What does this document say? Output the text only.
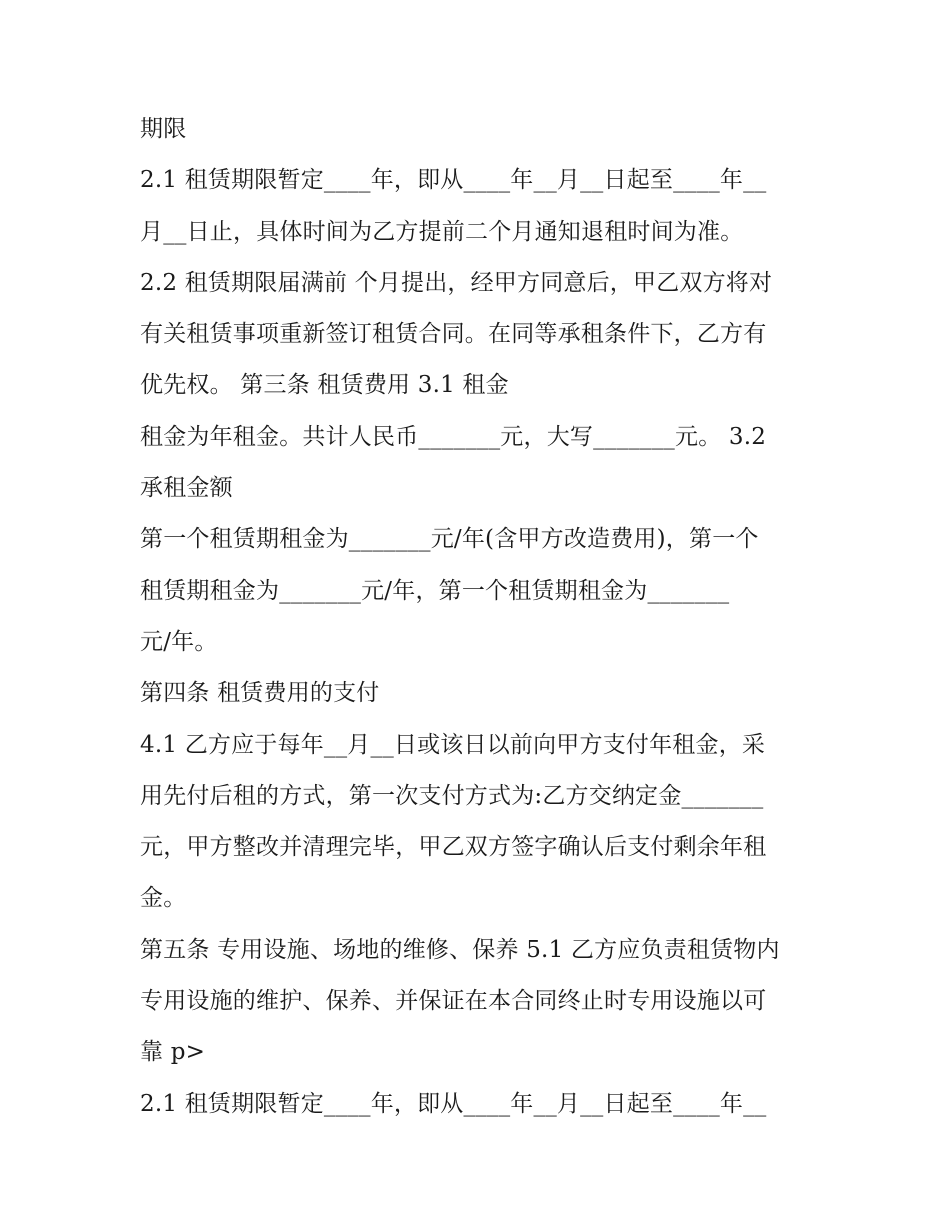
期限
2.1 租赁期限暂定____年，即从____年__月__日起至____年__
月__日止，具体时间为乙方提前二个月通知退租时间为准。
2.2 租赁期限届满前 个月提出，经甲方同意后，甲乙双方将对
有关租赁事项重新签订租赁合同。在同等承租条件下，乙方有
优先权。 第三条 租赁费用 3.1 租金
租金为年租金。共计人民币_______元，大写_______元。 3.2
承租金额
第一个租赁期租金为_______元/年(含甲方改造费用)，第一个
租赁期租金为_______元/年，第一个租赁期租金为_______
元/年。
第四条 租赁费用的支付
4.1 乙方应于每年__月__日或该日以前向甲方支付年租金，采
用先付后租的方式，第一次支付方式为:乙方交纳定金_______
元，甲方整改并清理完毕，甲乙双方签字确认后支付剩余年租
金。
第五条 专用设施、场地的维修、保养 5.1 乙方应负责租赁物内
专用设施的维护、保养、并保证在本合同终止时专用设施以可
靠 p>
2.1 租赁期限暂定____年，即从____年__月__日起至____年__
